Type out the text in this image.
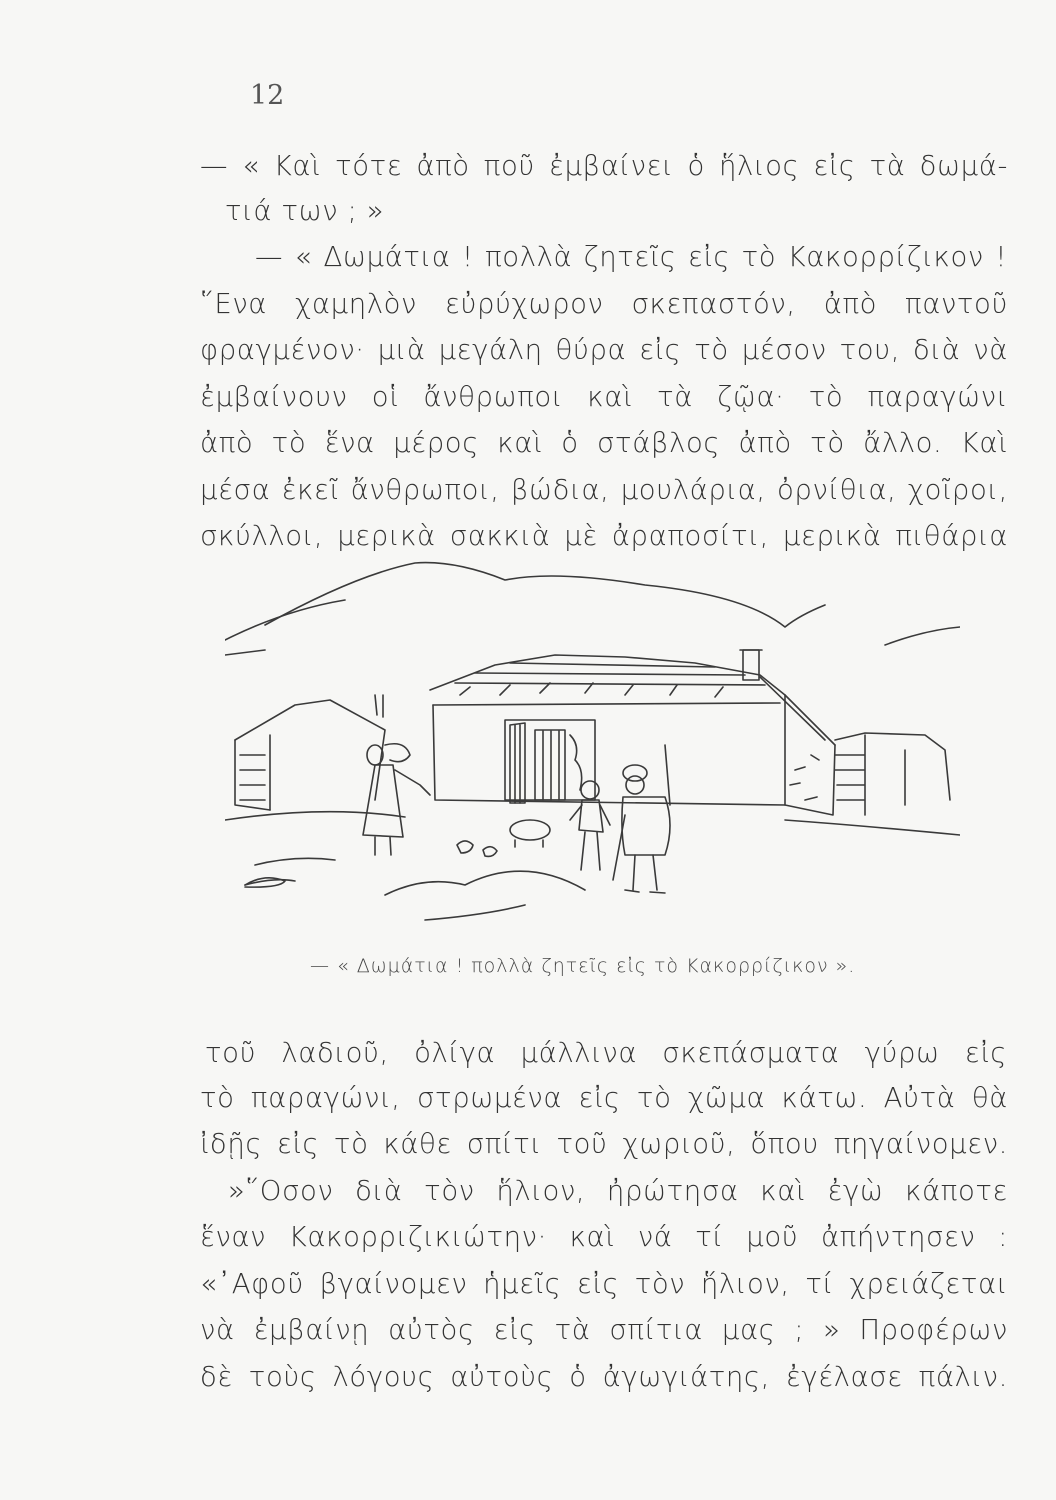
12
— « Καὶ τότε ἀπὸ ποῦ ἐμβαίνει ὁ ἥλιος εἰς τὰ δωμά-
τιά των ; »
— « Δωμάτια ! πολλὰ ζητεῖς εἰς τὸ Κακορρίζικον !
῞Ενα χαμηλὸν εὐρύχωρον σκεπαστόν, ἀπὸ παντοῦ
φραγμένον· μιὰ μεγάλη θύρα εἰς τὸ μέσον του, διὰ νὰ
ἐμβαίνουν οἱ ἄνθρωποι καὶ τὰ ζῷα· τὸ παραγώνι
ἀπὸ τὸ ἕνα μέρος καὶ ὁ στάβλος ἀπὸ τὸ ἄλλο. Καὶ
μέσα ἐκεῖ ἄνθρωποι, βώδια, μουλάρια, ὀρνίθια, χοῖροι,
σκύλλοι, μερικὰ σακκιὰ μὲ ἀραποσίτι, μερικὰ πιθάρια
— « Δωμάτια ! πολλὰ ζητεῖς εἰς τὸ Κακορρίζικον ».
τοῦ λαδιοῦ, ὀλίγα μάλλινα σκεπάσματα γύρω εἰς
τὸ παραγώνι, στρωμένα εἰς τὸ χῶμα κάτω. Αὐτὰ θὰ
ἰδῇς εἰς τὸ κάθε σπίτι τοῦ χωριοῦ, ὅπου πηγαίνομεν.
»῞Οσον διὰ τὸν ἥλιον, ἠρώτησα καὶ ἐγὼ κάποτε
ἕναν Κακορριζικιώτην· καὶ νά τί μοῦ ἀπήντησεν :
«᾿Αφοῦ βγαίνομεν ἡμεῖς εἰς τὸν ἥλιον, τί χρειάζεται
νὰ ἐμβαίνῃ αὐτὸς εἰς τὰ σπίτια μας ; » Προφέρων
δὲ τοὺς λόγους αὐτοὺς ὁ ἀγωγιάτης, ἐγέλασε πάλιν.
